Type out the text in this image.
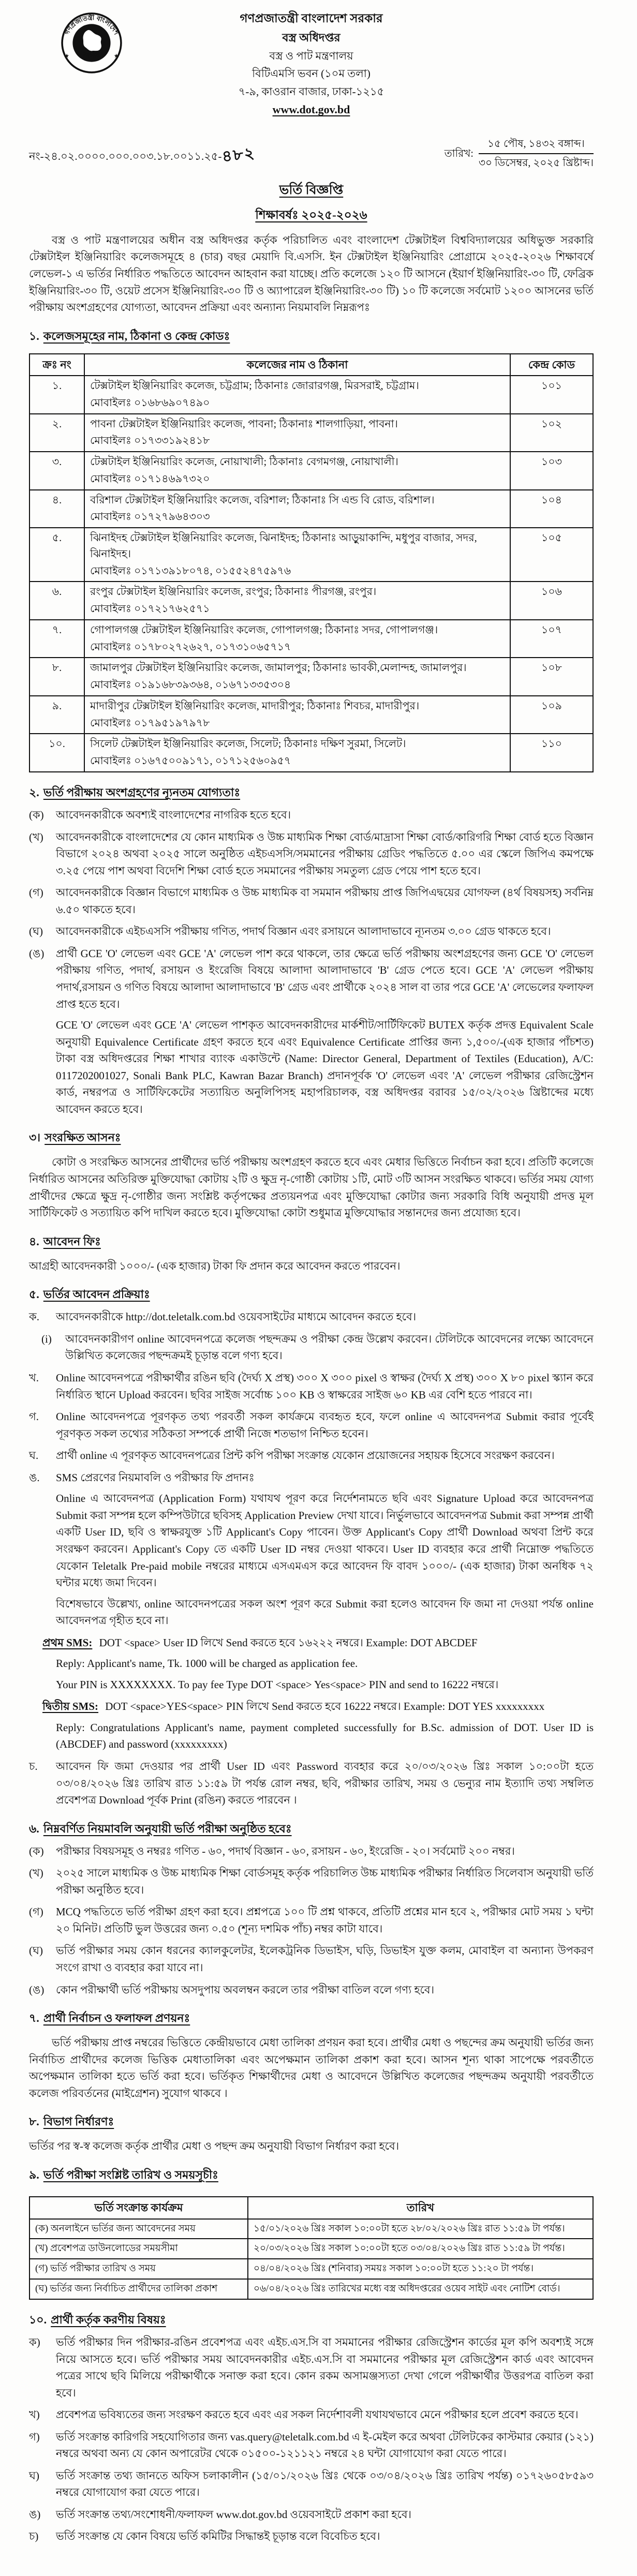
গণপ্রজাতন্ত্রী বাংলাদেশ
সরকার
★	★
গণপ্রজাতন্ত্রী বাংলাদেশ সরকার
বস্ত্র অধিদপ্তর
বস্ত্র ও পাট মন্ত্রণালয়
বিটিএমসি ভবন (১০ম তলা)
৭-৯, কাওরান বাজার, ঢাকা-১২১৫
www.dot.gov.bd
নং-২৪.০২.০০০০.০০০.০০৩.১৮.০০১১.২৫-৪৮২	তারিখ:
১৫ পৌষ, ১৪৩২ বঙ্গাব্দ।
৩০ ডিসেম্বর, ২০২৫ খ্রিষ্টাব্দ।
ভর্তি বিজ্ঞপ্তি
শিক্ষাবর্ষঃ ২০২৫-২০২৬
বস্ত্র ও পাট মন্ত্রণালয়ের অধীন বস্ত্র অধিদপ্তর কর্তৃক পরিচালিত এবং বাংলাদেশ টেক্সটাইল বিশ্ববিদ্যালয়ের অধিভুক্ত সরকারি টেক্সটাইল ইঞ্জিনিয়ারিং কলেজসমূহে ৪ (চার) বছর মেয়াদি বি.এসসি. ইন টেক্সটাইল ইঞ্জিনিয়ারিং প্রোগ্রামে ২০২৫-২০২৬ শিক্ষাবর্ষে লেভেল-১ এ ভর্তির নির্ধারিত পদ্ধতিতে আবেদন আহবান করা যাচ্ছে। প্রতি কলেজে ১২০ টি আসনে (ইয়ার্ণ ইঞ্জিনিয়ারিং-৩০ টি, ফেব্রিক ইঞ্জিনিয়ারিং-৩০ টি, ওয়েট প্রসেস ইঞ্জিনিয়ারিং-৩০ টি ও অ্যাপারেল ইঞ্জিনিয়ারিং-৩০ টি) ১০ টি কলেজে সর্বমোট ১২০০ আসনের ভর্তি পরীক্ষায় অংশগ্রহণের যোগ্যতা, আবেদন প্রক্রিয়া এবং অন্যান্য নিয়মাবলি নিম্নরূপঃ
১. কলেজসমূহের নাম, ঠিকানা ও কেন্দ্র কোডঃ
ক্রঃ নং	কলেজের নাম ও ঠিকানা	কেন্দ্র কোড
১.	টেক্সটাইল ইঞ্জিনিয়ারিং কলেজ, চট্টগ্রাম; ঠিকানাঃ জোরারগঞ্জ, মিরসরাই, চট্টগ্রাম।
মোবাইলঃ ০১৬৮৬৯০৭৪৯০	১০১
২.	পাবনা টেক্সটাইল ইঞ্জিনিয়ারিং কলেজ, পাবনা; ঠিকানাঃ শালগাড়িয়া, পাবনা।
মোবাইলঃ ০১৭৩৩১৯২৪১৮	১০২
৩.	টেক্সটাইল ইঞ্জিনিয়ারিং কলেজ, নোয়াখালী; ঠিকানাঃ বেগমগঞ্জ, নোয়াখালী।
মোবাইলঃ ০১৭১৪৬৯৭৩২০	১০৩
৪.	বরিশাল টেক্সটাইল ইঞ্জিনিয়ারিং কলেজ, বরিশাল; ঠিকানাঃ সি এন্ড বি রোড, বরিশাল।
মোবাইলঃ ০১৭২৭৯৬৪৩০৩	১০৪
৫.	ঝিনাইদহ টেক্সটাইল ইঞ্জিনিয়ারিং কলেজ, ঝিনাইদহ; ঠিকানাঃ আড়ুয়াকান্দি, মধুপুর বাজার, সদর, ঝিনাইদহ।
মোবাইলঃ ০১৭১৩৯১৮০৭৪, ০১৫৫২৪৭৫৯৭৬	১০৫
৬.	রংপুর টেক্সটাইল ইঞ্জিনিয়ারিং কলেজ, রংপুর; ঠিকানাঃ পীরগঞ্জ, রংপুর।
মোবাইলঃ ০১৭২১৭৬২৫৭১	১০৬
৭.	গোপালগঞ্জ টেক্সটাইল ইঞ্জিনিয়ারিং কলেজ, গোপালগঞ্জ; ঠিকানাঃ সদর, গোপালগঞ্জ।
মোবাইলঃ ০১৭৮০২৭২৬২৭, ০১৭৩১০৬৫৭১৭	১০৭
৮.	জামালপুর টেক্সটাইল ইঞ্জিনিয়ারিং কলেজ, জামালপুর; ঠিকানাঃ ভাবকী,মেলান্দহ, জামালপুর।
মোবাইলঃ ০১৯১৬৮৩৯৩৬৪, ০১৬৭১৩৩৫৩০৪	১০৮
৯.	মাদারীপুর টেক্সটাইল ইঞ্জিনিয়ারিং কলেজ, মাদারীপুর; ঠিকানাঃ শিবচর, মাদারীপুর।
মোবাইলঃ ০১৭৯৫১৯৭৯৭৮	১০৯
১০.	সিলেট টেক্সটাইল ইঞ্জিনিয়ারিং কলেজ, সিলেট; ঠিকানাঃ দক্ষিণ সুরমা, সিলেট।
মোবাইলঃ ০১৬৭৫০০৯১৭১, ০১৭১২৫৬০৯৫৭	১১০
২. ভর্তি পরীক্ষায় অংশগ্রহণের ন্যূনতম যোগ্যতাঃ
(ক) আবেদনকারীকে অবশ্যই বাংলাদেশের নাগরিক হতে হবে।
(খ) আবেদনকারীকে বাংলাদেশের যে কোন মাধ্যমিক ও উচ্চ মাধ্যমিক শিক্ষা বোর্ড/মাদ্রাসা শিক্ষা বোর্ড/কারিগরি শিক্ষা বোর্ড হতে বিজ্ঞান বিভাগে ২০২৪ অথবা ২০২৫ সালে অনুষ্ঠিত এইচএসসি/সমমানের পরীক্ষায় গ্রেডিং পদ্ধতিতে ৫.০০ এর স্কেলে জিপিএ কমপক্ষে ৩.২৫ পেয়ে পাশ অথবা বিদেশি শিক্ষা বোর্ড হতে সমমানের পরীক্ষায় সমতুল্য গ্রেড পেয়ে পাশ হতে হবে।
(গ) আবেদনকারীকে বিজ্ঞান বিভাগে মাধ্যমিক ও উচ্চ মাধ্যমিক বা সমমান পরীক্ষায় প্রাপ্ত জিপিএদ্বয়ের যোগফল (৪র্থ বিষয়সহ) সর্বনিম্ন ৬.৫০ থাকতে হবে।
(ঘ) আবেদনকারীকে এইচএসসি পরীক্ষায় গণিত, পদার্থ বিজ্ঞান এবং রসায়নে আলাদাভাবে ন্যূনতম ৩.০০ গ্রেড থাকতে হবে।
(ঙ) প্রার্থী GCE 'O' লেভেল এবং GCE 'A' লেভেল পাশ করে থাকলে, তার ক্ষেত্রে ভর্তি পরীক্ষায় অংশগ্রহণের জন্য GCE 'O' লেভেল পরীক্ষায় গণিত, পদার্থ, রসায়ন ও ইংরেজি বিষয়ে আলাদা আলাদাভাবে 'B' গ্রেড পেতে হবে। GCE 'A' লেভেল পরীক্ষায় পদার্থ,রসায়ন ও গণিত বিষয়ে আলাদা আলাদাভাবে 'B' গ্রেড এবং প্রার্থীকে ২০২৪ সাল বা তার পরে GCE 'A' লেভেলের ফলাফল প্রাপ্ত হতে হবে।
GCE 'O' লেভেল এবং GCE 'A' লেভেল পাশকৃত আবেদনকারীদের মার্কশীট/সার্টিফিকেট BUTEX কর্তৃক প্রদত্ত Equivalent Scale অনুযায়ী Equivalence Certificate গ্রহণ করতে হবে এবং Equivalence Certificate প্রাপ্তির জন্য ১,৫০০/-(এক হাজার পাঁচশত) টাকা বস্ত্র অধিদপ্তরের শিক্ষা শাখার ব্যাংক একাউন্টে (Name: Director General, Department of Textiles (Education), A/C: 0117202001027, Sonali Bank PLC, Kawran Bazar Branch) প্রদানপূর্বক 'O' লেভেল এবং 'A' লেভেল পরীক্ষার রেজিস্ট্রেশন কার্ড, নম্বরপত্র ও সার্টিফিকেটের সত্যায়িত অনুলিপিসহ মহাপরিচালক, বস্ত্র অধিদপ্তর বরাবর ১৫/০২/২০২৬ খ্রিষ্টাব্দের মধ্যে আবেদন করতে হবে।
৩। সংরক্ষিত আসনঃ
কোটা ও সংরক্ষিত আসনের প্রার্থীদের ভর্তি পরীক্ষায় অংশগ্রহণ করতে হবে এবং মেধার ভিত্তিতে নির্বাচন করা হবে। প্রতিটি কলেজে নির্ধারিত আসনের অতিরিক্ত মুক্তিযোদ্ধা কোটায় ২টি ও ক্ষুদ্র নৃ-গোষ্ঠী কোটায় ১টি, মোট ৩টি আসন সংরক্ষিত থাকবে। ভর্তির সময় যোগ্য প্রার্থীদের ক্ষেত্রে ক্ষুদ্র নৃ-গোষ্ঠীর জন্য সংশ্লিষ্ট কর্তৃপক্ষের প্রত্যয়নপত্র এবং মুক্তিযোদ্ধা কোটার জন্য সরকারি বিধি অনুযায়ী প্রদত্ত মূল সার্টিফিকেট ও সত্যায়িত কপি দাখিল করতে হবে। মুক্তিযোদ্ধা কোটা শুধুমাত্র মুক্তিযোদ্ধার সন্তানদের জন্য প্রযোজ্য হবে।
৪. আবেদন ফিঃ
আগ্রহী আবেদনকারী ১০০০/- (এক হাজার) টাকা ফি প্রদান করে আবেদন করতে পারবেন।
৫. ভর্তির আবেদন প্রক্রিয়াঃ
ক. আবেদনকারীকে http://dot.teletalk.com.bd ওয়েবসাইটের মাধ্যমে আবেদন করতে হবে।
(i) আবেদনকারীগণ online আবেদনপত্রে কলেজ পছন্দক্রম ও পরীক্ষা কেন্দ্র উল্লেখ করবেন। টেলিটকে আবেদনের লক্ষ্যে আবেদনে উল্লিখিত কলেজের পছন্দক্রমই চূড়ান্ত বলে গণ্য হবে।
খ. Online আবেদনপত্রে পরীক্ষার্থীর রঙিন ছবি (দৈর্ঘ্য X প্রস্থ) ৩০০ X ৩০০ pixel ও স্বাক্ষর (দৈর্ঘ্য X প্রস্থ) ৩০০ X ৮০ pixel স্ক্যান করে নির্ধারিত স্থানে Upload করবেন। ছবির সাইজ সর্বোচ্চ ১০০ KB ও স্বাক্ষরের সাইজ ৬০ KB এর বেশি হতে পারবে না।
গ. Online আবেদনপত্রে পূরণকৃত তথ্য পরবর্তী সকল কার্যক্রমে ব্যবহৃত হবে, ফলে online এ আবেদনপত্র Submit করার পূর্বেই পূরণকৃত সকল তথ্যের সঠিকতা সম্পর্কে প্রার্থী নিজে শতভাগ নিশ্চিত হবেন।
ঘ. প্রার্থী online এ পূরণকৃত আবেদনপত্রের প্রিন্ট কপি পরীক্ষা সংক্রান্ত যেকোন প্রয়োজনের সহায়ক হিসেবে সংরক্ষণ করবেন।
ঙ. SMS প্রেরণের নিয়মাবলি ও পরীক্ষার ফি প্রদানঃ
Online এ আবেদনপত্র (Application Form) যথাযথ পূরণ করে নির্দেশনামতে ছবি এবং Signature Upload করে আবেদনপত্র Submit করা সম্পন্ন হলে কম্পিউটারে ছবিসহ Application Preview দেখা যাবে। নির্ভুলভাবে আবেদনপত্র Submit করা সম্পন্ন প্রার্থী একটি User ID, ছবি ও স্বাক্ষরযুক্ত ১টি Applicant's Copy পাবেন। উক্ত Applicant's Copy প্রার্থী Download অথবা প্রিন্ট করে সংরক্ষণ করবেন। Applicant's Copy তে একটি User ID নম্বর দেওয়া থাকবে। User ID ব্যবহার করে প্রার্থী নিম্নোক্ত পদ্ধতিতে যেকোন Teletalk Pre-paid mobile নম্বরের মাধ্যমে এসএমএস করে আবেদন ফি বাবদ ১০০০/- (এক হাজার) টাকা অনধিক ৭২ ঘন্টার মধ্যে জমা দিবেন।
বিশেষভাবে উল্লেখ্য, online আবেদনপত্রের সকল অংশ পূরণ করে Submit করা হলেও আবেদন ফি জমা না দেওয়া পর্যন্ত online আবেদনপত্র গৃহীত হবে না।
প্রথম SMS: DOT <space> User ID লিখে Send করতে হবে ১৬২২২ নম্বরে। Example: DOT ABCDEF
Reply: Applicant's name, Tk. 1000 will be charged as application fee.
Your PIN is XXXXXXXX. To pay fee Type DOT <space> Yes<space> PIN and send to 16222 নম্বরে।
দ্বিতীয় SMS: DOT <space>YES<space> PIN লিখে Send করতে হবে 16222 নম্বরে। Example: DOT YES xxxxxxxxx
Reply: Congratulations Applicant's name, payment completed successfully for B.Sc. admission of DOT. User ID is (ABCDEF) and password (xxxxxxxxx)
চ. আবেদন ফি জমা দেওয়ার পর প্রার্থী User ID এবং Password ব্যবহার করে ২০/০৩/২০২৬ খ্রিঃ সকাল ১০:০০টা হতে ০৩/০৪/২০২৬ খ্রিঃ তারিখ রাত ১১:৫৯ টা পর্যন্ত রোল নম্বর, ছবি, পরীক্ষার তারিখ, সময় ও ভেন্যুর নাম ইত্যাদি তথ্য সম্বলিত প্রবেশপত্র Download পূর্বক Print (রঙিন) করতে পারবেন ।
৬. নিম্নবর্ণিত নিয়মাবলি অনুযায়ী ভর্তি পরীক্ষা অনুষ্ঠিত হবেঃ
(ক) পরীক্ষার বিষয়সমূহ ও নম্বরঃ গণিত - ৬০, পদার্থ বিজ্ঞান - ৬০, রসায়ন - ৬০, ইংরেজি - ২০। সর্বমোট ২০০ নম্বর।
(খ) ২০২৫ সালে মাধ্যমিক ও উচ্চ মাধ্যমিক শিক্ষা বোর্ডসমূহ কর্তৃক পরিচালিত উচ্চ মাধ্যমিক পরীক্ষার নির্ধারিত সিলেবাস অনুযায়ী ভর্তি পরীক্ষা অনুষ্ঠিত হবে।
(গ) MCQ পদ্ধতিতে ভর্তি পরীক্ষা গ্রহণ করা হবে। প্রশ্নপত্রে ১০০ টি প্রশ্ন থাকবে, প্রতিটি প্রশ্নের মান হবে ২, পরীক্ষার মোট সময় ১ ঘন্টা ২০ মিনিট। প্রতিটি ভুল উত্তরের জন্য ০.৫০ (শূন্য দশমিক পাঁচ) নম্বর কাটা যাবে।
(ঘ) ভর্তি পরীক্ষার সময় কোন ধরনের ক্যালকুলেটর, ইলেকট্রনিক ডিভাইস, ঘড়ি, ডিভাইস যুক্ত কলম, মোবাইল বা অন্যান্য উপকরণ সংগে রাখা ও ব্যবহার করা যাবে না।
(ঙ) কোন পরীক্ষার্থী ভর্তি পরীক্ষায় অসদুপায় অবলম্বন করলে তার পরীক্ষা বাতিল বলে গণ্য হবে।
৭. প্রার্থী নির্বাচন ও ফলাফল প্রণয়নঃ
ভর্তি পরীক্ষায় প্রাপ্ত নম্বরের ভিত্তিতে কেন্দ্রীয়ভাবে মেধা তালিকা প্রণয়ন করা হবে। প্রার্থীর মেধা ও পছন্দের ক্রম অনুযায়ী ভর্তির জন্য নির্বাচিত প্রার্থীদের কলেজ ভিত্তিক মেধাতালিকা এবং অপেক্ষমান তালিকা প্রকাশ করা হবে। আসন শূন্য থাকা সাপেক্ষে পরবর্তীতে অপেক্ষমান তালিকা হতে ভর্তি করা হবে। ভর্তিকৃত শিক্ষার্থীদের মেধা ও আবেদনে উল্লিখিত কলেজের পছন্দক্রম অনুযায়ী পরবর্তীতে কলেজ পরিবর্তনের (মাইগ্রেশন) সুযোগ থাকবে ।
৮. বিভাগ নির্ধারণঃ
ভর্তির পর স্ব-স্ব কলেজ কর্তৃক প্রার্থীর মেধা ও পছন্দ ক্রম অনুযায়ী বিভাগ নির্ধারণ করা হবে।
৯. ভর্তি পরীক্ষা সংশ্লিষ্ট তারিখ ও সময়সূচীঃ
ভর্তি সংক্রান্ত কার্যক্রম	তারিখ
(ক) অনলাইনে ভর্তির জন্য আবেদনের সময়	১৫/০১/২০২৬ খ্রিঃ সকাল ১০:০০টা হতে ২৮/০২/২০২৬ খ্রিঃ রাত ১১:৫৯ টা পর্যন্ত।
(খ) প্রবেশপত্র ডাউনলোডের সময়সীমা	২০/০৩/২০২৬ খ্রিঃ সকাল ১০:০০টা হতে ০৩/০৪/২০২৬ খ্রিঃ রাত ১১:৫৯ টা পর্যন্ত।
(গ) ভর্তি পরীক্ষার তারিখ ও সময়	০৪/০৪/২০২৬ খ্রিঃ (শনিবার) সময়ঃ সকাল ১০:০০টা হতে ১১:২০ টা পর্যন্ত।
(ঘ) ভর্তির জন্য নির্বাচিত প্রার্থীদের তালিকা প্রকাশ	০৬/০৪/২০২৬ খ্রিঃ তারিখের মধ্যে বস্ত্র অধিদপ্তরের ওয়েব সাইট এবং নোটিশ বোর্ড।
১০. প্রার্থী কর্তৃক করণীয় বিষয়ঃ
ক) ভর্তি পরীক্ষার দিন পরীক্ষার-রঙিন প্রবেশপত্র এবং এইচ.এস.সি বা সমমানের পরীক্ষার রেজিস্ট্রেশন কার্ডের মূল কপি অবশ্যই সঙ্গে নিয়ে আসতে হবে। ভর্তি পরীক্ষার সময় আবেদনকারীর এইচ.এস.সি বা সমমানের পরীক্ষার মূল রেজিস্ট্রেশন কার্ড এবং আবেদন পত্রের সাথে ছবি মিলিয়ে পরীক্ষার্থীকে সনাক্ত করা হবে। কোন রকম অসামঞ্জস্যতা দেখা গেলে পরীক্ষার্থীর উত্তরপত্র বাতিল করা হবে।
খ) প্রবেশপত্র ভবিষ্যতের জন্য সংরক্ষণ করতে হবে এবং এর সকল নির্দেশাবলী যথাযথভাবে মেনে পরীক্ষার হলে প্রবেশ করতে হবে।
গ) ভর্তি সংক্রান্ত কারিগরি সহযোগিতার জন্য vas.query@teletalk.com.bd এ ই-মেইল করে অথবা টেলিটকের কাস্টমার কেয়ার (১২১) নম্বরে অথবা অন্য যে কোন অপারেটর থেকে ০১৫০০-১২১১২১ নম্বরে ২৪ ঘন্টা যোগাযোগ করা যেতে পারে।
ঘ) ভর্তি সংক্রান্ত তথ্য জানতে অফিস চলাকালীন (১৫/০১/২০২৬ খ্রিঃ থেকে ০৩/০৪/২০২৬ খ্রিঃ তারিখ পর্যন্ত) ০১৭২৬০৫৮৫৯৩ নম্বরে যোগাযোগ করা যেতে পারে।
ঙ) ভর্তি সংক্রান্ত তথ্য/সংশোধনী/ফলাফল www.dot.gov.bd ওয়েবসাইটে প্রকাশ করা হবে।
চ) ভর্তি সংক্রান্ত যে কোন বিষয়ে ভর্তি কমিটির সিদ্ধান্তই চূড়ান্ত বলে বিবেচিত হবে।
